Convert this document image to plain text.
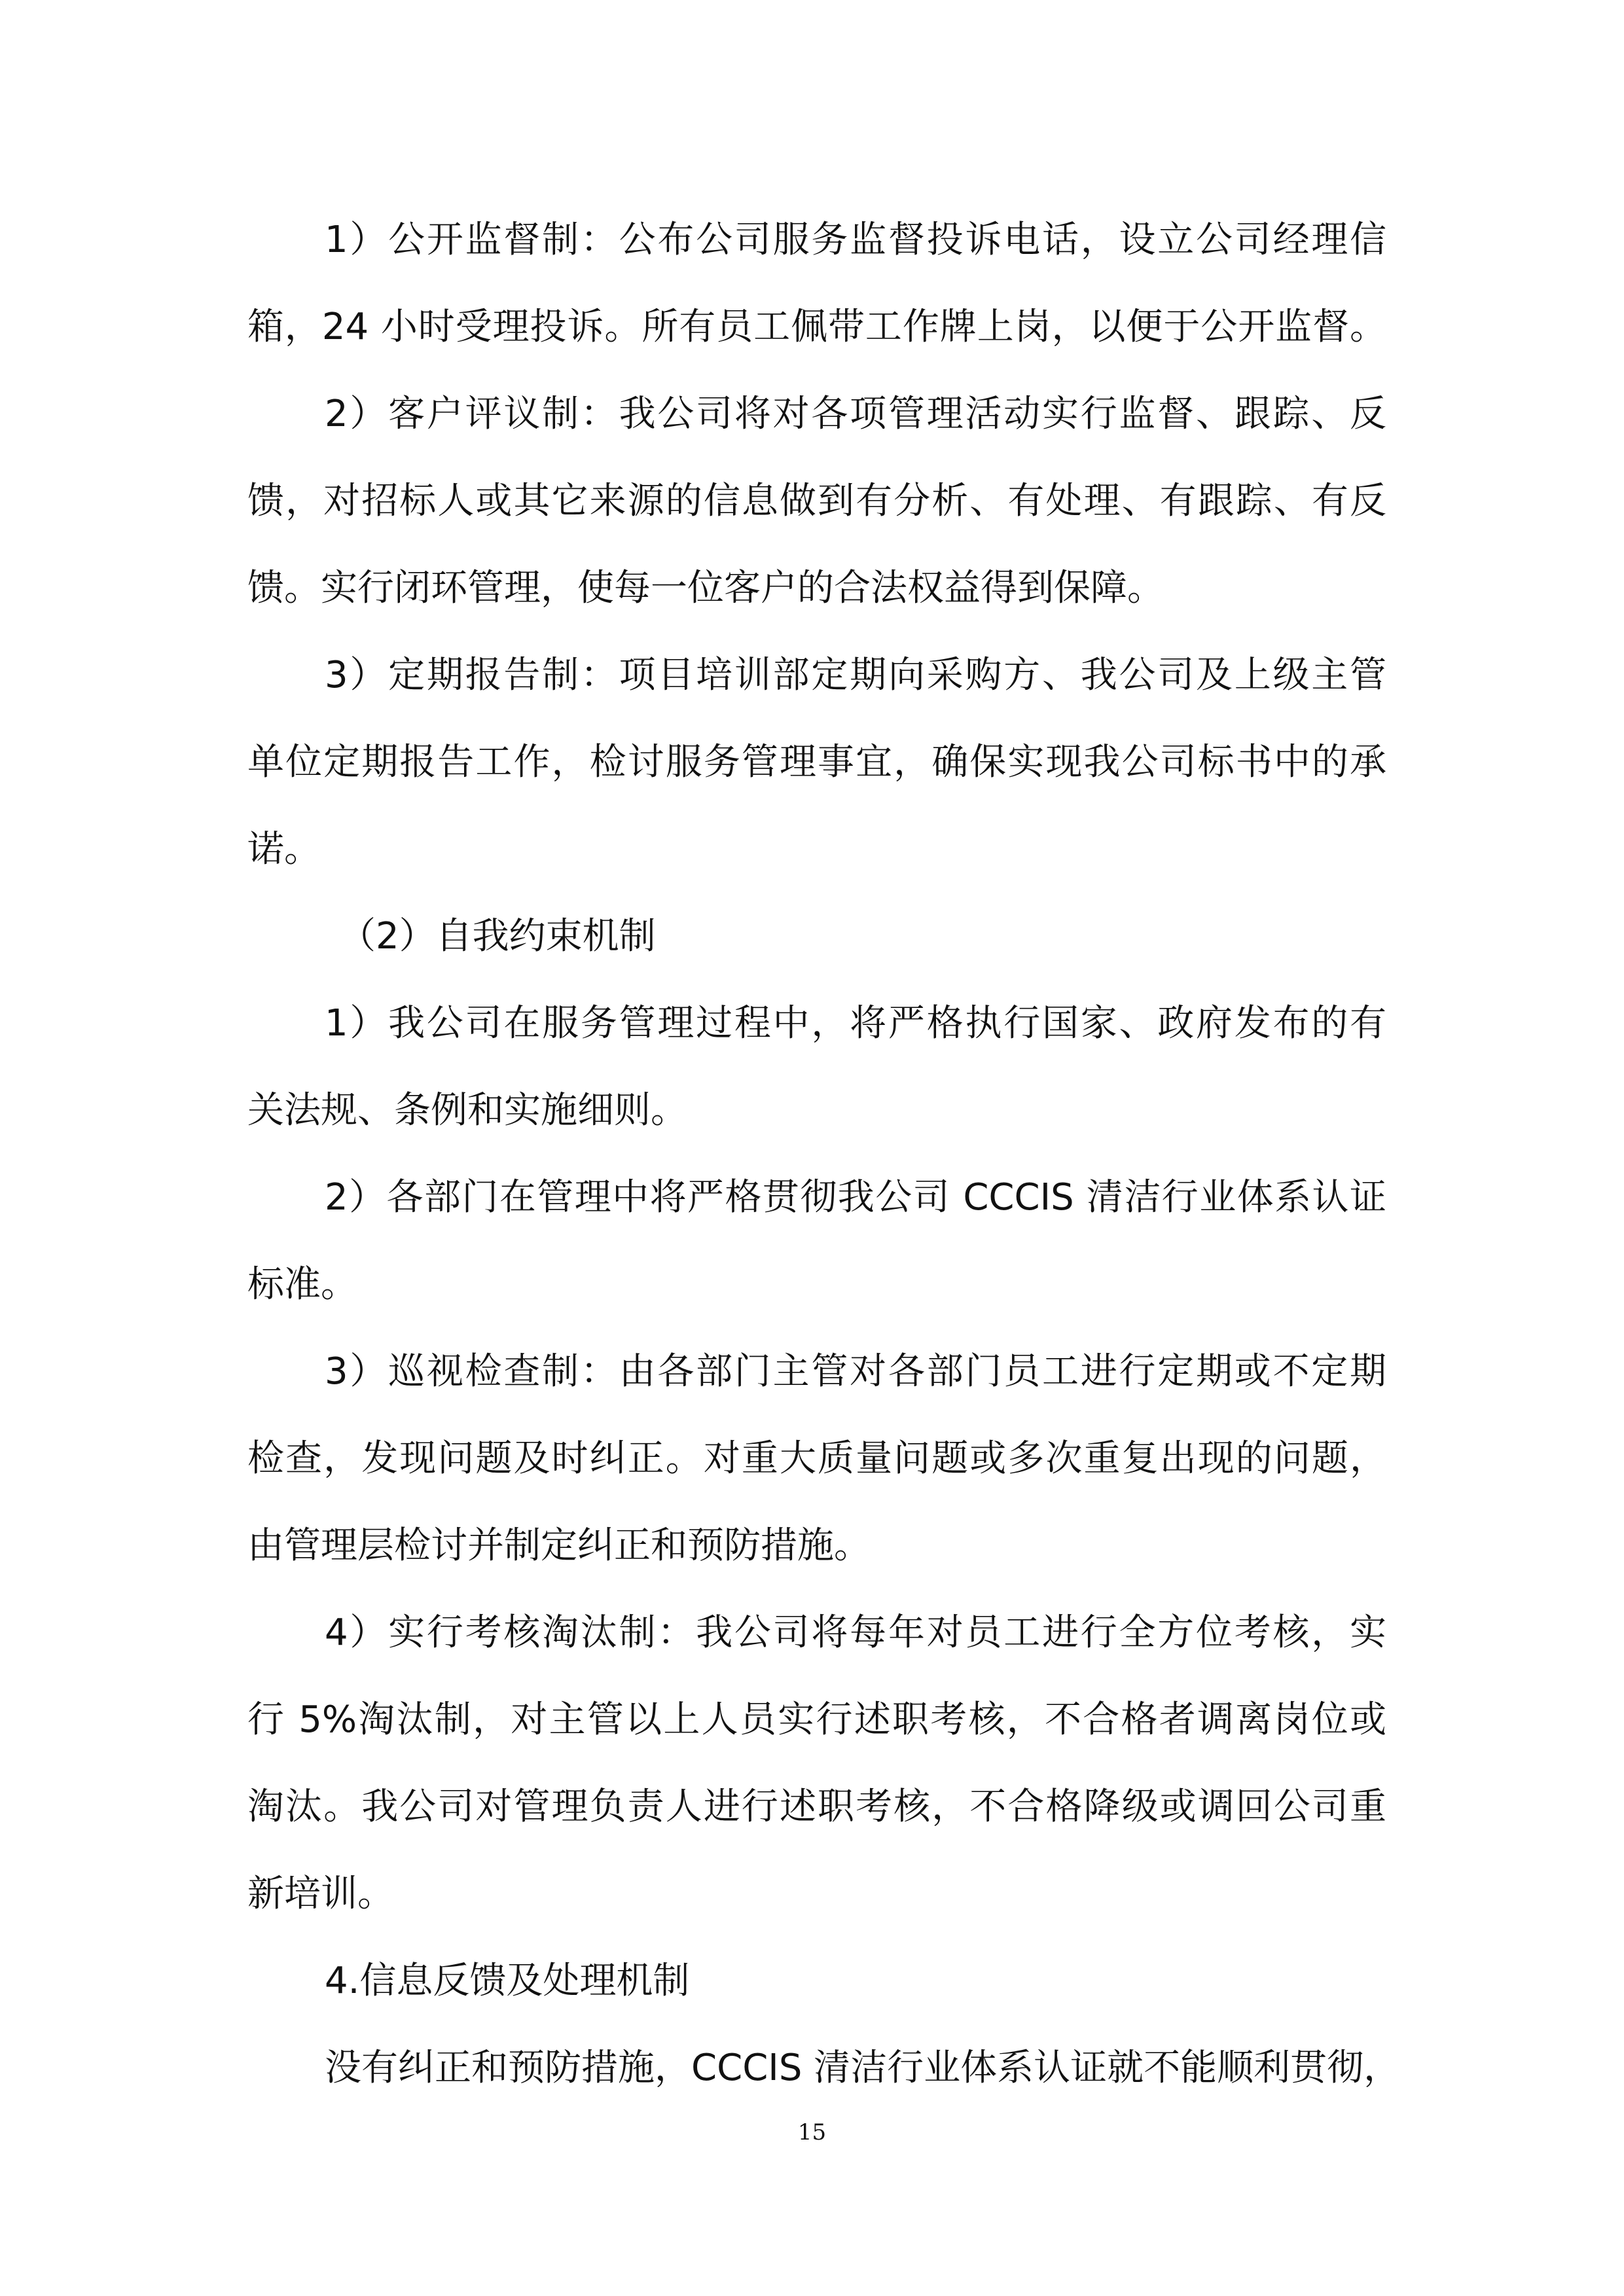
1）公开监督制：公布公司服务监督投诉电话，设立公司经理信
箱，24 小时受理投诉。所有员工佩带工作牌上岗，以便于公开监督。
2）客户评议制：我公司将对各项管理活动实行监督、跟踪、反
馈，对招标人或其它来源的信息做到有分析、有处理、有跟踪、有反
馈。实行闭环管理，使每一位客户的合法权益得到保障。
3）定期报告制：项目培训部定期向采购方、我公司及上级主管
单位定期报告工作，检讨服务管理事宜，确保实现我公司标书中的承
诺。
（2）自我约束机制
1）我公司在服务管理过程中，将严格执行国家、政府发布的有
关法规、条例和实施细则。
2）各部门在管理中将严格贯彻我公司 CCCIS 清洁行业体系认证
标准。
3）巡视检查制：由各部门主管对各部门员工进行定期或不定期
检查，发现问题及时纠正。对重大质量问题或多次重复出现的问题，
由管理层检讨并制定纠正和预防措施。
4）实行考核淘汰制：我公司将每年对员工进行全方位考核，实
行 5%淘汰制，对主管以上人员实行述职考核，不合格者调离岗位或
淘汰。我公司对管理负责人进行述职考核，不合格降级或调回公司重
新培训。
4.信息反馈及处理机制
没有纠正和预防措施，CCCIS 清洁行业体系认证就不能顺利贯彻，
15
